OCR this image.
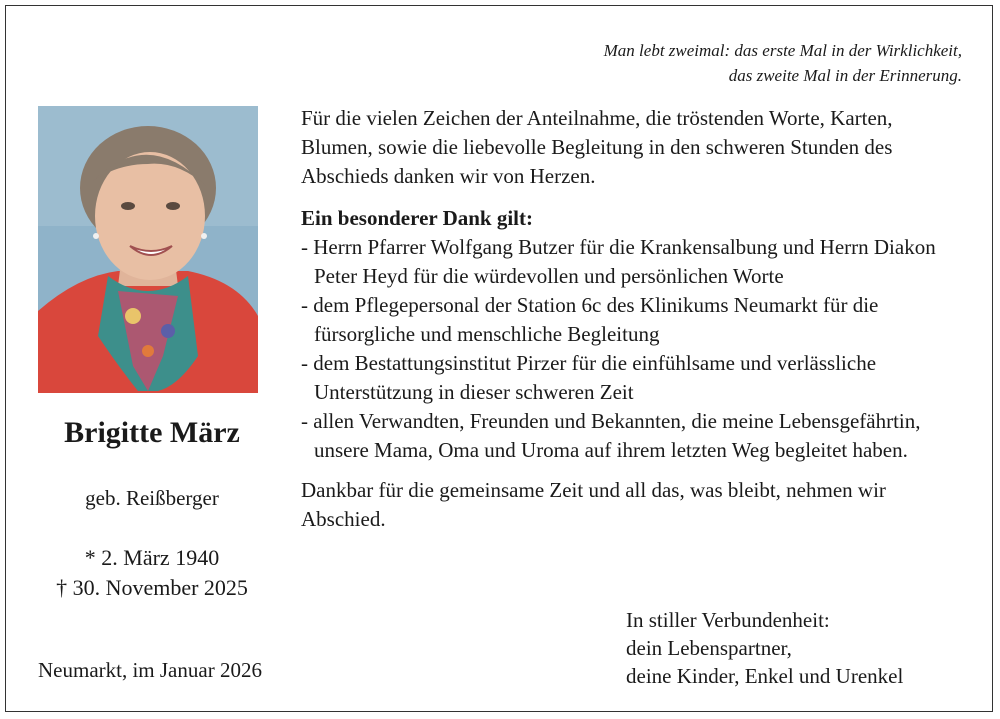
Man lebt zweimal: das erste Mal in der Wirklichkeit,
das zweite Mal in der Erinnerung.
Brigitte März
geb. Reißberger
* 2. März 1940
† 30. November 2025
Neumarkt, im Januar 2026

Für die vielen Zeichen der Anteilnahme, die tröstenden Worte, Karten, Blumen, sowie die liebevolle Begleitung in den schweren Stunden des Abschieds danken wir von Herzen.

Ein besonderer Dank gilt:

- Herrn Pfarrer Wolfgang Butzer für die Krankensalbung und Herrn Diakon Peter Heyd für die würdevollen und persönlichen Worte

- dem Pflegepersonal der Station 6c des Klinikums Neumarkt für die fürsorgliche und menschliche Begleitung

- dem Bestattungsinstitut Pirzer für die einfühlsame und verlässliche Unterstützung in dieser schweren Zeit

- allen Verwandten, Freunden und Bekannten, die meine Lebensgefährtin, unsere Mama, Oma und Uroma auf ihrem letzten Weg begleitet haben.

Dankbar für die gemeinsame Zeit und all das, was bleibt, nehmen wir Abschied.

In stiller Verbundenheit:
dein Lebenspartner,
deine Kinder, Enkel und Urenkel
